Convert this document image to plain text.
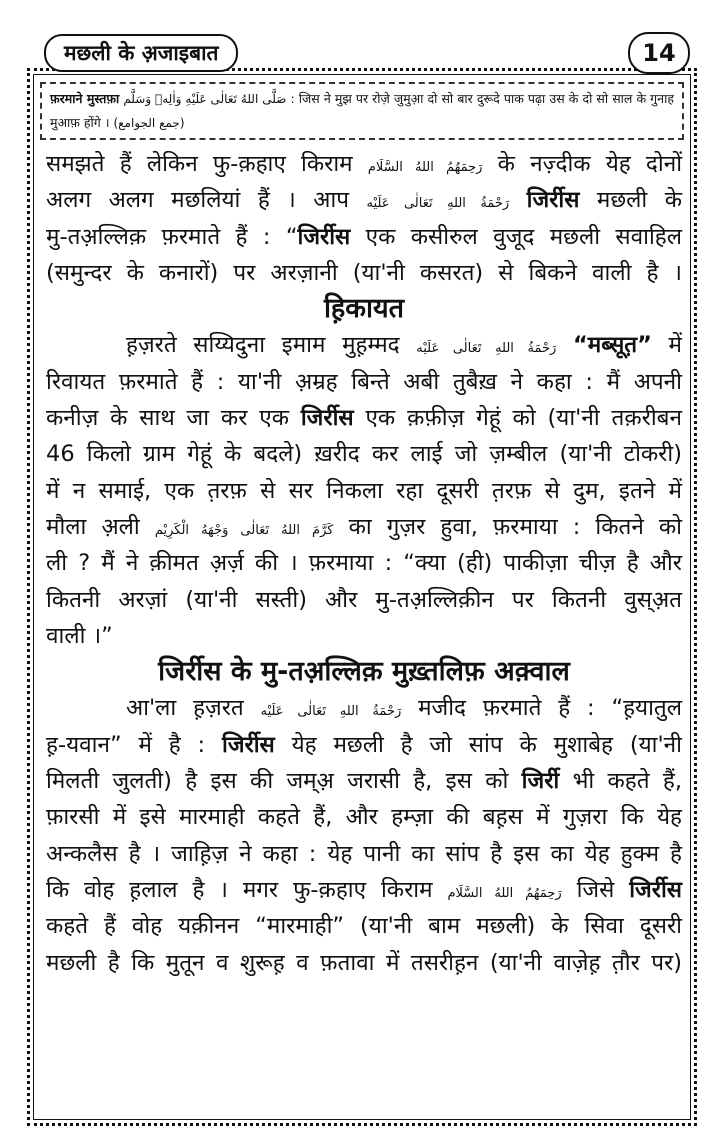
मछली के अ़जाइबात	14
फ़रमाने मुस्तफ़ा صَلَّى اللهُ تَعَالٰى عَلَيْهِ وَاٰلِهٖ وَسَلَّم : जिस ने मुझ पर रोज़े जुमुआ़ दो सो बार दुरूदे पाक पढ़ा उस के दो सो साल के गुनाह मुआफ़ होंगे । (جمع الجوامع)
समझते हैं लेकिन फु-क़हाए किराम رَحِمَهُمُ اللهُ السَّلَام के नज़्दीक येह दोनों
अलग अलग मछलियां हैं । आप رَحْمَةُ اللهِ تَعَالٰی عَلَیْه जिर्रीस मछली के
मु-तअ़ल्लिक़ फ़रमाते हैं : “जिर्रीस एक कसीरुल वुजूद मछली सवाहिल
(समुन्दर के कनारों) पर अरज़ानी (या'नी कसरत) से बिकने वाली है ।
ह़िकायत
ह़ज़रते सय्यिदुना इमाम मुह़म्मद رَحْمَةُ اللهِ تَعَالٰی عَلَیْه “मब्सूत़” में
रिवायत फ़रमाते हैं : या'नी अ़म्रह बिन्ते अबी तुबैख़ ने कहा : मैं अपनी
कनीज़ के साथ जा कर एक जिर्रीस एक क़फ़ीज़ गेहूं को (या'नी तक़रीबन
46 किलो ग्राम गेहूं के बदले) ख़रीद कर लाई जो ज़म्बील (या'नी टोकरी)
में न समाई, एक त़रफ़ से सर निकला रहा दूसरी त़रफ़ से दुम, इतने में
मौला अ़ली كَرَّمَ اللهُ تَعَالٰی وَجْهَهُ الْكَرِیْم का गुज़र हुवा, फ़रमाया : कितने को
ली ? मैं ने क़ीमत अ़र्ज़ की । फ़रमाया : “क्या (ही) पाकीज़ा चीज़ है और
कितनी अरज़ां (या'नी सस्ती) और मु-तअ़ल्लिक़ीन पर कितनी वुस्अ़त
वाली ।”
जिर्रीस के मु-तअ़ल्लिक़ मुख़्तलिफ़ अक़्वाल
आ'ला ह़ज़रत رَحْمَةُ اللهِ تَعَالٰی عَلَیْه मजीद फ़रमाते हैं : “ह़यातुल
ह़-यवान” में है : जिर्रीस येह मछली है जो सांप के मुशाबेह (या'नी
मिलती जुलती) है इस की जम्अ़ जरासी है, इस को जिर्री भी कहते हैं,
फ़ारसी में इसे मारमाही कहते हैं, और हम्ज़ा की बह़स में गुज़रा कि येह
अन्कलैस है । जाह़िज़ ने कहा : येह पानी का सांप है इस का येह हुक्म है
कि वोह ह़लाल है । मगर फु-क़हाए किराम رَحِمَهُمُ اللهُ السَّلَام जिसे जिर्रीस
कहते हैं वोह यक़ीनन “मारमाही” (या'नी बाम मछली) के सिवा दूसरी
मछली है कि मुतून व शुरूह़ व फ़तावा में तसरीह़न (या'नी वाज़ेह़ त़ौर पर)
